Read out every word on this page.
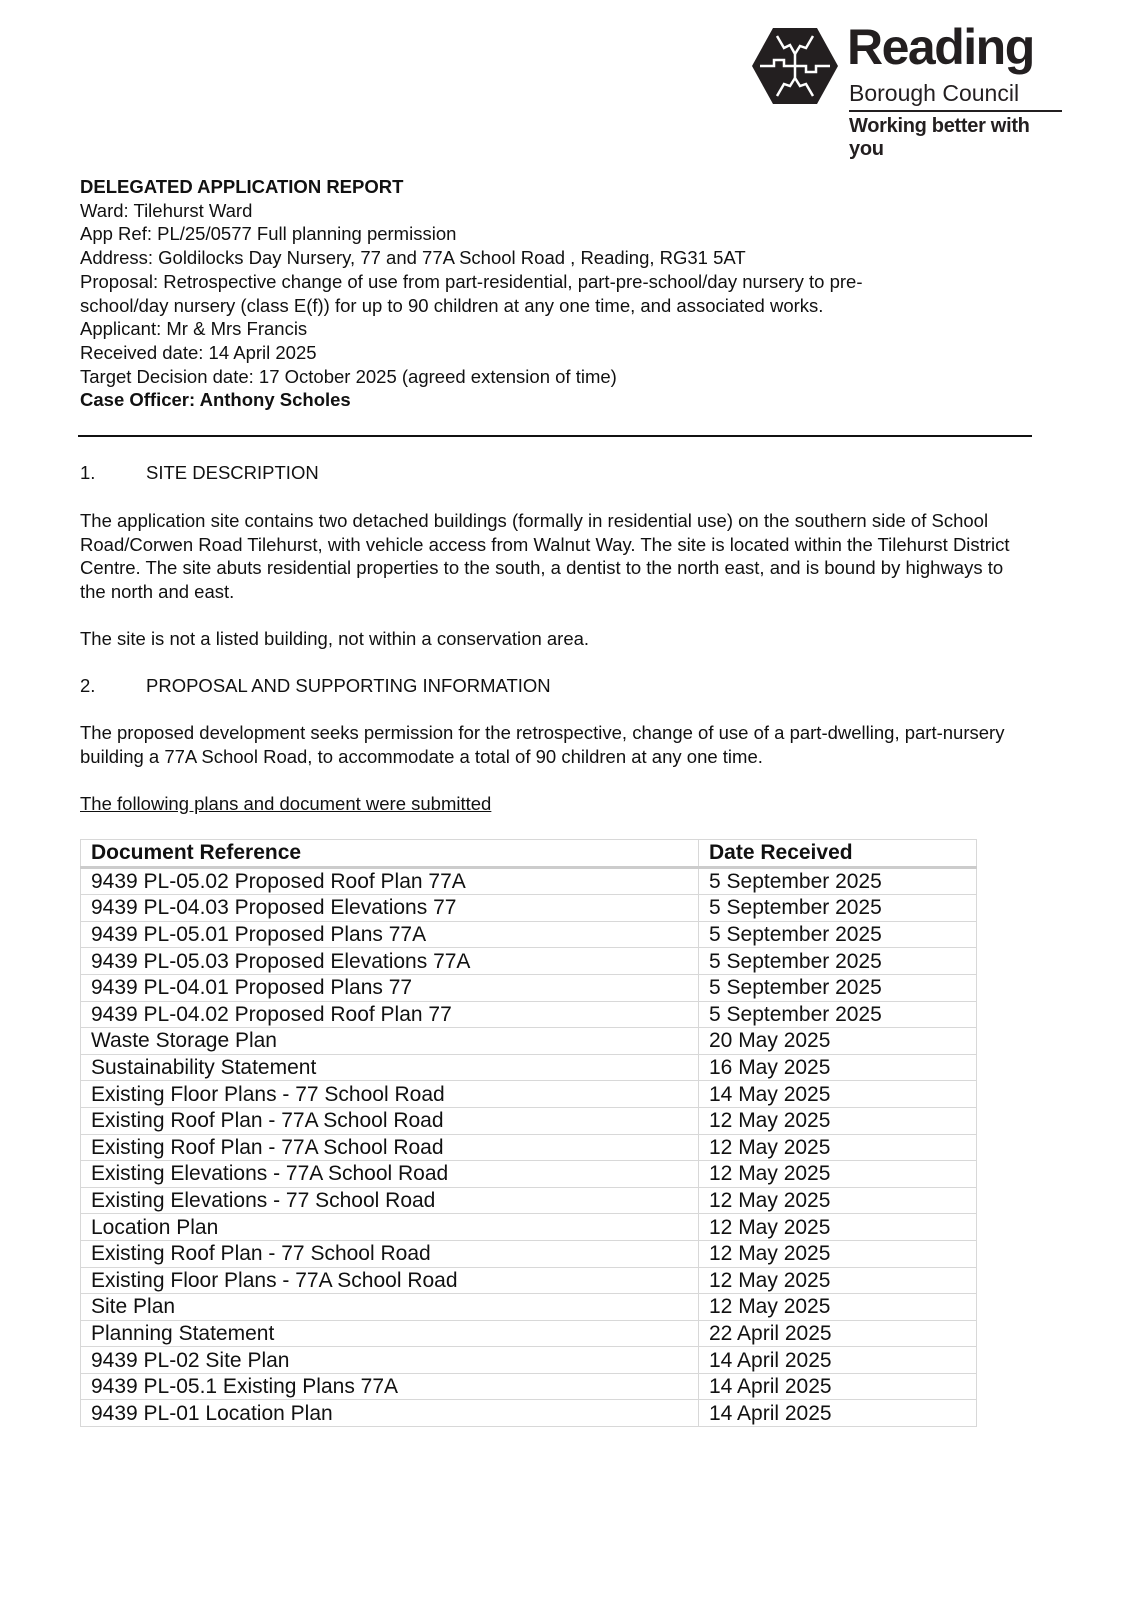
Reading
Borough Council
Working better with you
DELEGATED APPLICATION REPORT
Ward: Tilehurst Ward
App Ref: PL/25/0577 Full planning permission
Address: Goldilocks Day Nursery, 77 and 77A School Road , Reading, RG31 5AT
Proposal: Retrospective change of use from part-residential, part-pre-school/day nursery to pre-
school/day nursery (class E(f)) for up to 90 children at any one time, and associated works.
Applicant: Mr & Mrs Francis
Received date: 14 April 2025
Target Decision date: 17 October 2025 (agreed extension of time)
Case Officer: Anthony Scholes
1.	SITE DESCRIPTION
The application site contains two detached buildings (formally in residential use) on the southern side of School Road/Corwen Road Tilehurst, with vehicle access from Walnut Way. The site is located within the Tilehurst District Centre. The site abuts residential properties to the south, a dentist to the north east, and is bound by highways to the north and east.
The site is not a listed building, not within a conservation area.
2.	PROPOSAL AND SUPPORTING INFORMATION
The proposed development seeks permission for the retrospective, change of use of a part-dwelling, part-nursery building a 77A School Road, to accommodate a total of 90 children at any one time.
The following plans and document were submitted
Document Reference	Date Received
9439 PL-05.02 Proposed Roof Plan 77A	5 September 2025
9439 PL-04.03 Proposed Elevations 77	5 September 2025
9439 PL-05.01 Proposed Plans 77A	5 September 2025
9439 PL-05.03 Proposed Elevations 77A	5 September 2025
9439 PL-04.01 Proposed Plans 77	5 September 2025
9439 PL-04.02 Proposed Roof Plan 77	5 September 2025
Waste Storage Plan	20 May 2025
Sustainability Statement	16 May 2025
Existing Floor Plans - 77 School Road	14 May 2025
Existing Roof Plan - 77A School Road	12 May 2025
Existing Roof Plan - 77A School Road	12 May 2025
Existing Elevations - 77A School Road	12 May 2025
Existing Elevations - 77 School Road	12 May 2025
Location Plan	12 May 2025
Existing Roof Plan - 77 School Road	12 May 2025
Existing Floor Plans - 77A School Road	12 May 2025
Site Plan	12 May 2025
Planning Statement	22 April 2025
9439 PL-02 Site Plan	14 April 2025
9439 PL-05.1 Existing Plans 77A	14 April 2025
9439 PL-01 Location Plan	14 April 2025
